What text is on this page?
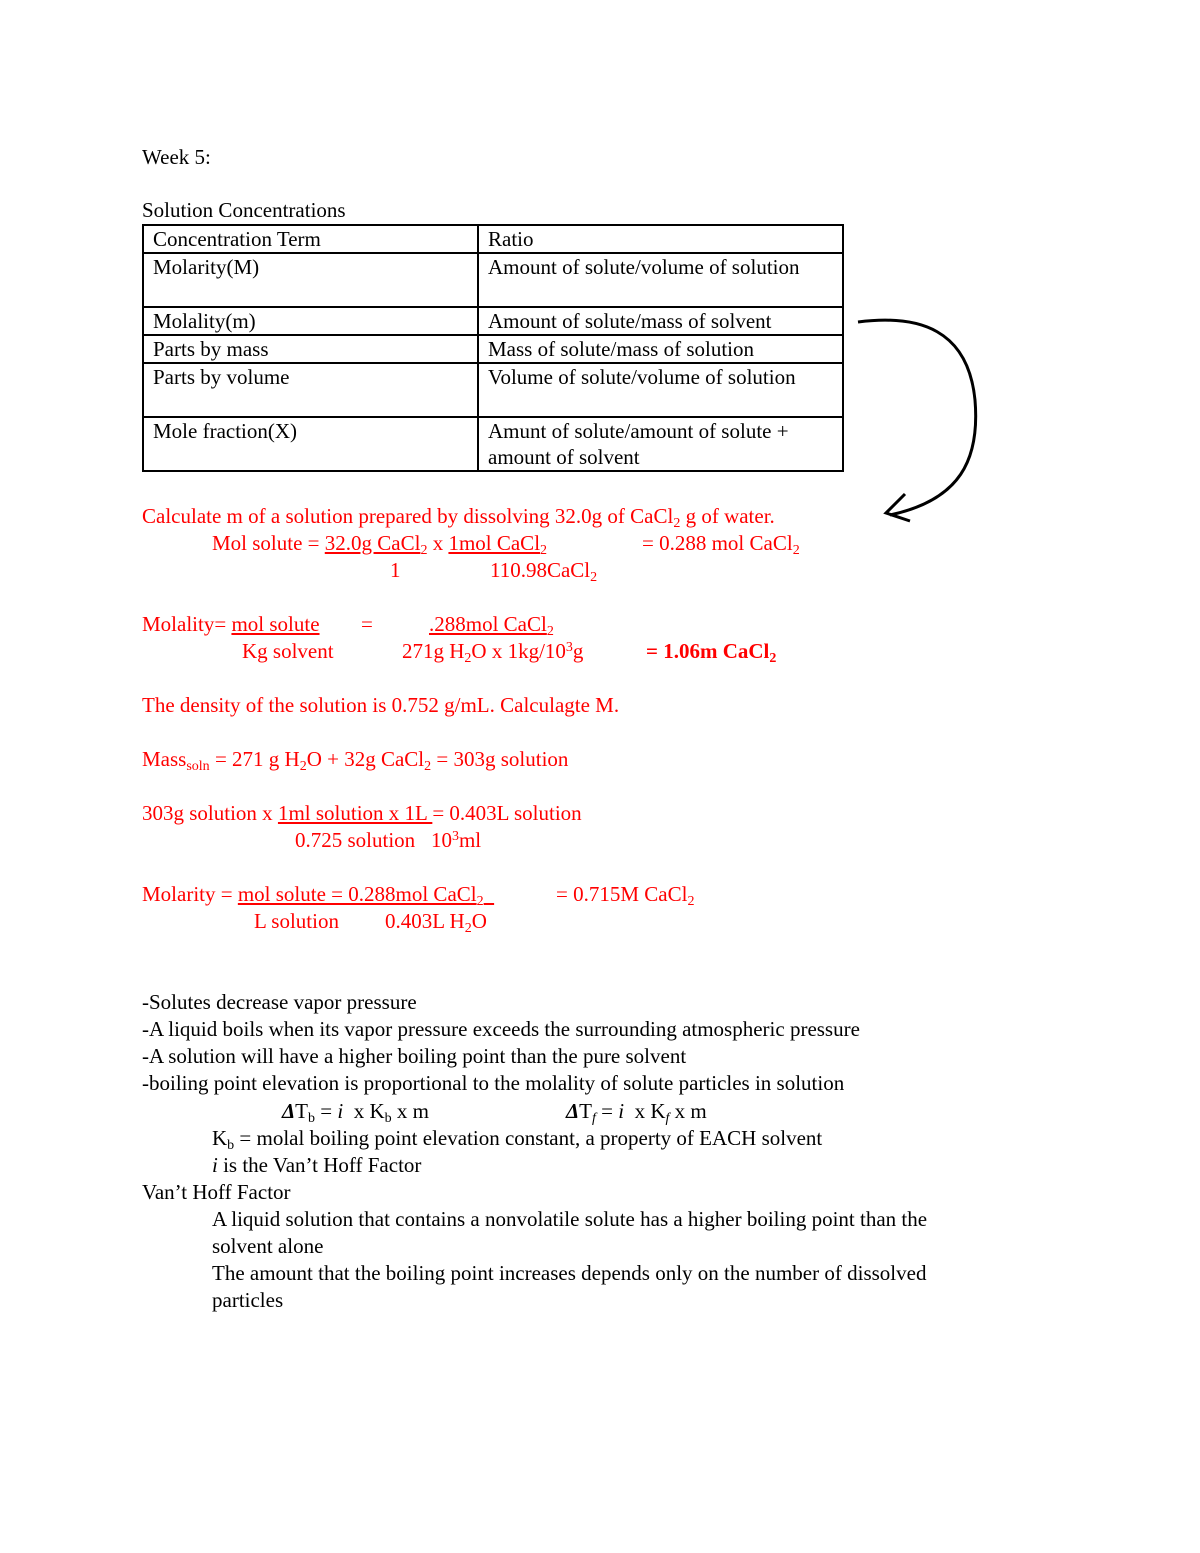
Week 5:
Solution Concentrations
Concentration Term	Ratio
Molarity(M)	Amount of solute/volume of solution
Molality(m)	Amount of solute/mass of solvent
Parts by mass	Mass of solute/mass of solution
Parts by volume	Volume of solute/volume of solution
Mole fraction(X)	Amunt of solute/amount of solute + amount of solvent
Calculate m of a solution prepared by dissolving 32.0g of CaCl$_2$ g of water.
Mol solute = 32.0g CaCl$_2$ x 1mol CaCl$_2$	= 0.288 mol CaCl$_2$
1	110.98CaCl$_2$
Molality= mol solute =	.288mol CaCl$_2$
Kg solvent	271g $H_2O$ x $1kg/10^3g$	= 1.06m CaCl$_2$
The density of the solution is 0.752 g/mL. Calculagte M.
Mass$_{soln}$ = 271 g $H_2O + 32g$ CaCl$_2$ = 303g solution
303g solution x 1ml solution x 1L = 0.403L solution
0.725 solution $10^3ml$
Molarity = mol solute = 0.288mol CaCl$_2$	= 0.715M CaCl$_2$
L solution 0.403L $H_2O$
-Solutes decrease vapor pressure
-A liquid boils when its vapor pressure exceeds the surrounding atmospheric pressure
-A solution will have a higher boiling point than the pure solvent
-boiling point elevation is proportional to the molality of solute particles in solution
$\Delta T_b = i$  x $K_b$ x m	$\Delta T_f = i$  x $K_f$ x m
$K_b$ = molal boiling point elevation constant, a property of EACH solvent
i is the Van’t Hoff Factor
Van’t Hoff Factor
A liquid solution that contains a nonvolatile solute has a higher boiling point than the
solvent alone
The amount that the boiling point increases depends only on the number of dissolved
particles
